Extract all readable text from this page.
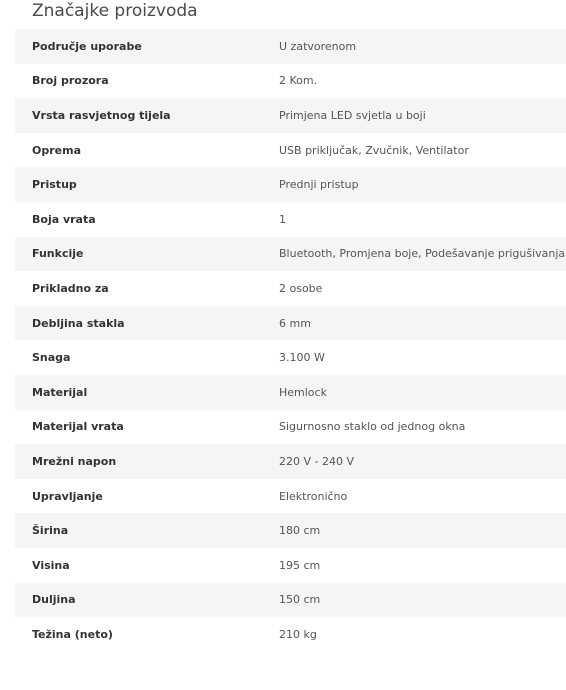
Značajke proizvoda
Područje uporabe	U zatvorenom
Broj prozora	2 Kom.
Vrsta rasvjetnog tijela	Primjena LED svjetla u boji
Oprema	USB priključak, Zvučnik, Ventilator
Pristup	Prednji pristup
Boja vrata	1
Funkcije	Bluetooth, Promjena boje, Podešavanje prigušivanja
Prikladno za	2 osobe
Debljina stakla	6 mm
Snaga	3.100 W
Materijal	Hemlock
Materijal vrata	Sigurnosno staklo od jednog okna
Mrežni napon	220 V - 240 V
Upravljanje	Elektronično
Širina	180 cm
Visina	195 cm
Duljina	150 cm
Težina (neto)	210 kg
